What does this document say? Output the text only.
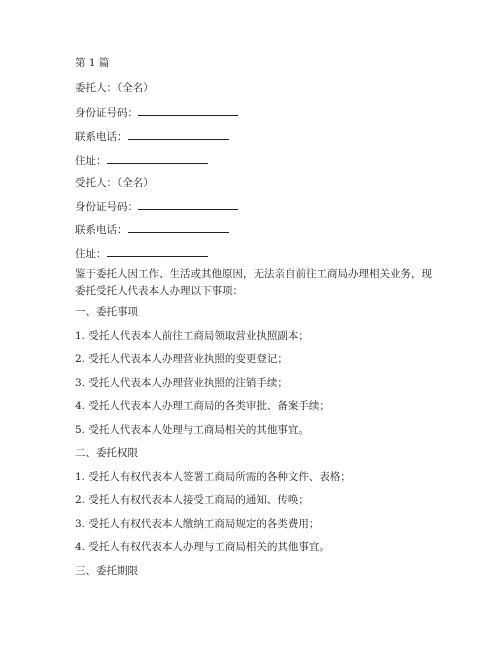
第 1 篇
委托人：（全名）
身份证号码：
联系电话：
住址：
受托人：（全名）
身份证号码：
联系电话：
住址：
鉴于委托人因工作、生活或其他原因，无法亲自前往工商局办理相关业务，现委托受托人代表本人办理以下事项：
一、委托事项
1. 受托人代表本人前往工商局领取营业执照副本；
2. 受托人代表本人办理营业执照的变更登记；
3. 受托人代表本人办理营业执照的注销手续；
4. 受托人代表本人办理工商局的各类审批、备案手续；
5. 受托人代表本人处理与工商局相关的其他事宜。
二、委托权限
1. 受托人有权代表本人签署工商局所需的各种文件、表格；
2. 受托人有权代表本人接受工商局的通知、传唤；
3. 受托人有权代表本人缴纳工商局规定的各类费用；
4. 受托人有权代表本人办理与工商局相关的其他事宜。
三、委托期限
